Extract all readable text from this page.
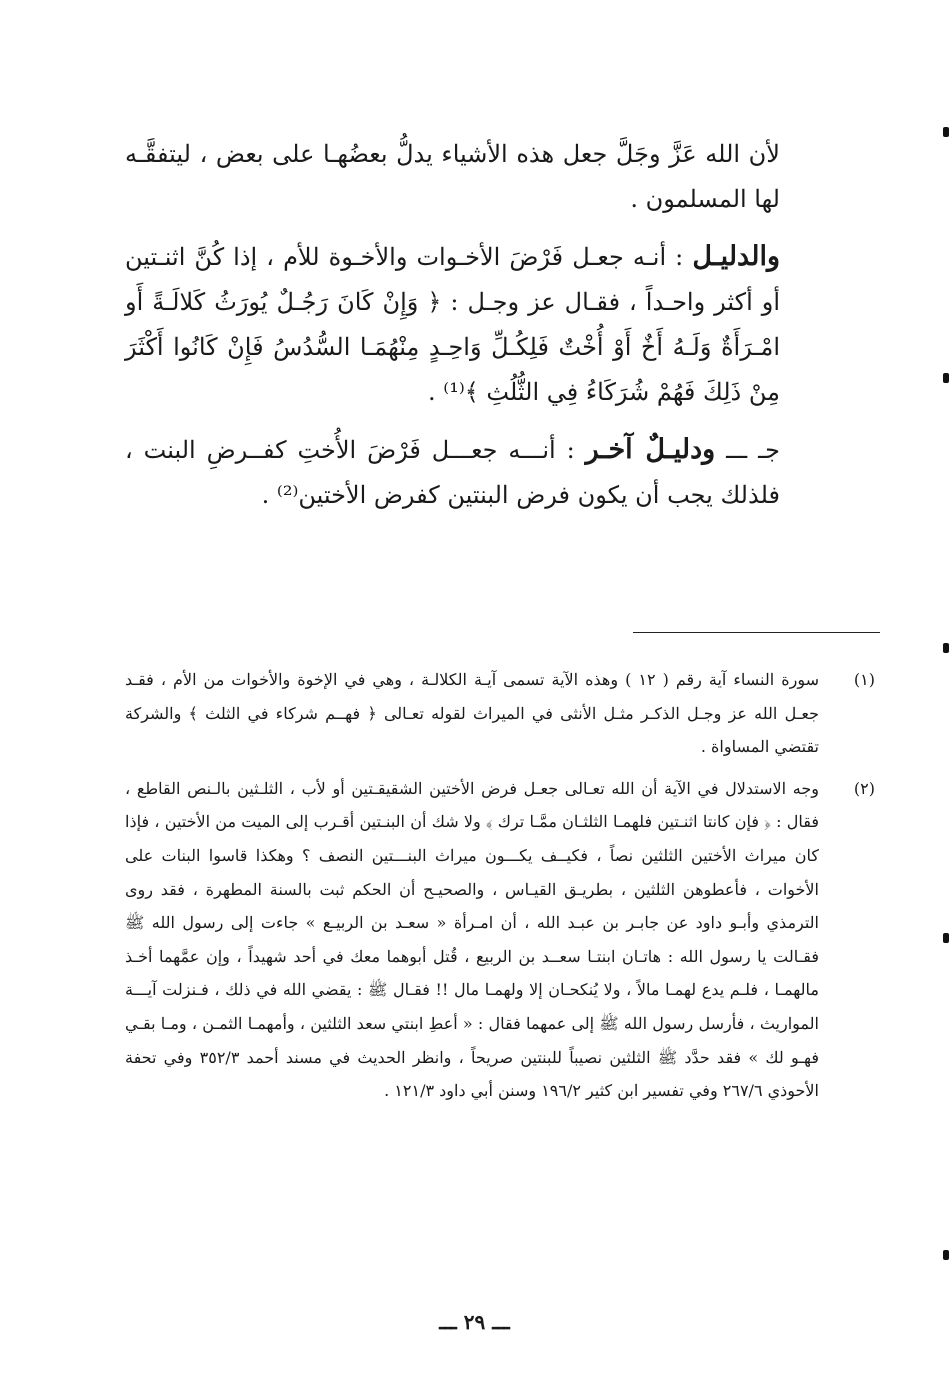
لأن الله عَزَّ وجَلَّ جعل هذه الأشياء يدلُّ بعضُهـا على بعض ، ليتفقَّـه لها المسلمون .

والدليـل : أنـه جعـل فَرْضَ الأخـوات والأخـوة للأم ، إذا كُنَّ اثنـتين أو أكثر واحـداً ، فقـال عز وجـل : ﴿ وَإِنْ كَانَ رَجُـلٌ يُورَثُ كَلالَـةً أَو امْـرَأَةٌ وَلَـهُ أَخٌ أَوْ أُخْتٌ فَلِكُـلِّ وَاحِـدٍ مِنْهُمَـا السُّدُسُ فَإِنْ كَانُوا أَكْثَرَ مِنْ ذَلِكَ فَهُمْ شُرَكَاءُ فِي الثُّلُثِ ﴾⁽¹⁾ .

جـ ـــ ودليـلٌ آخـر : أنـــه جعـــل فَرْضَ الأُختِ كفــرضِ البنت ، فلذلك يجب أن يكون فرض البنتين كفرض الأختين⁽²⁾ .

(١)
سورة النساء آية رقم ( ١٢ ) وهذه الآية تسمى آيـة الكلالـة ، وهي في الإخوة والأخوات من الأم ، فقـد جعـل الله عز وجـل الذكـر مثـل الأنثى في الميراث لقوله تعـالى ﴿ فهــم شركاء في الثلث ﴾ والشركة تقتضي المساواة .
(٢)
وجه الاستدلال في الآية أن الله تعـالى جعـل فرض الأختين الشقيقـتين أو لأب ، الثلـثين بالـنص القاطع ، فقال : ﴿ فإن كانتا اثنـتين فلهمـا الثلثـان ممَّـا ترك ﴾ ولا شك أن البنـتين أقـرب إلى الميت من الأختين ، فإذا كان ميراث الأختين الثلثين نصاً ، فكيــف يكـــون ميراث البنـــتين النصف ؟ وهكذا قاسوا البنات على الأخوات ، فأعطوهن الثلثين ، بطريـق القيـاس ، والصحيـح أن الحكم ثبت بالسنة المطهرة ، فقد روى الترمذي وأبـو داود عن جابـر بن عبـد الله ، أن امـرأة « سعـد بن الربيـع » جاءت إلى رسول الله ﷺ فقـالت يا رسول الله : هاتـان ابنتـا سعــد بن الربيع ، قُتل أبوهما معك في أحد شهيداً ، وإن عمَّهما أخـذ مالهمـا ، فلـم يدع لهمـا مالاً ، ولا يُنكحـان إلا ولهمـا مال !! فقـال ﷺ : يقضي الله في ذلك ، فـنزلت آيـــة المواريث ، فأرسل رسول الله ﷺ إلى عمهما فقال : « أعطِ ابنتي سعد الثلثين ، وأمهمـا الثمـن ، ومـا بقـي فهـو لك » فقد حدَّد ﷺ الثلثين نصيباً للبنتين صريحاً ، وانظر الحديث في مسند أحمد ٣٥٢/٣ وفي تحفة الأحوذي ٢٦٧/٦ وفي تفسير ابن كثير ١٩٦/٢ وسنن أبي داود ١٢١/٣ .
ـــ ٢٩ ـــ
